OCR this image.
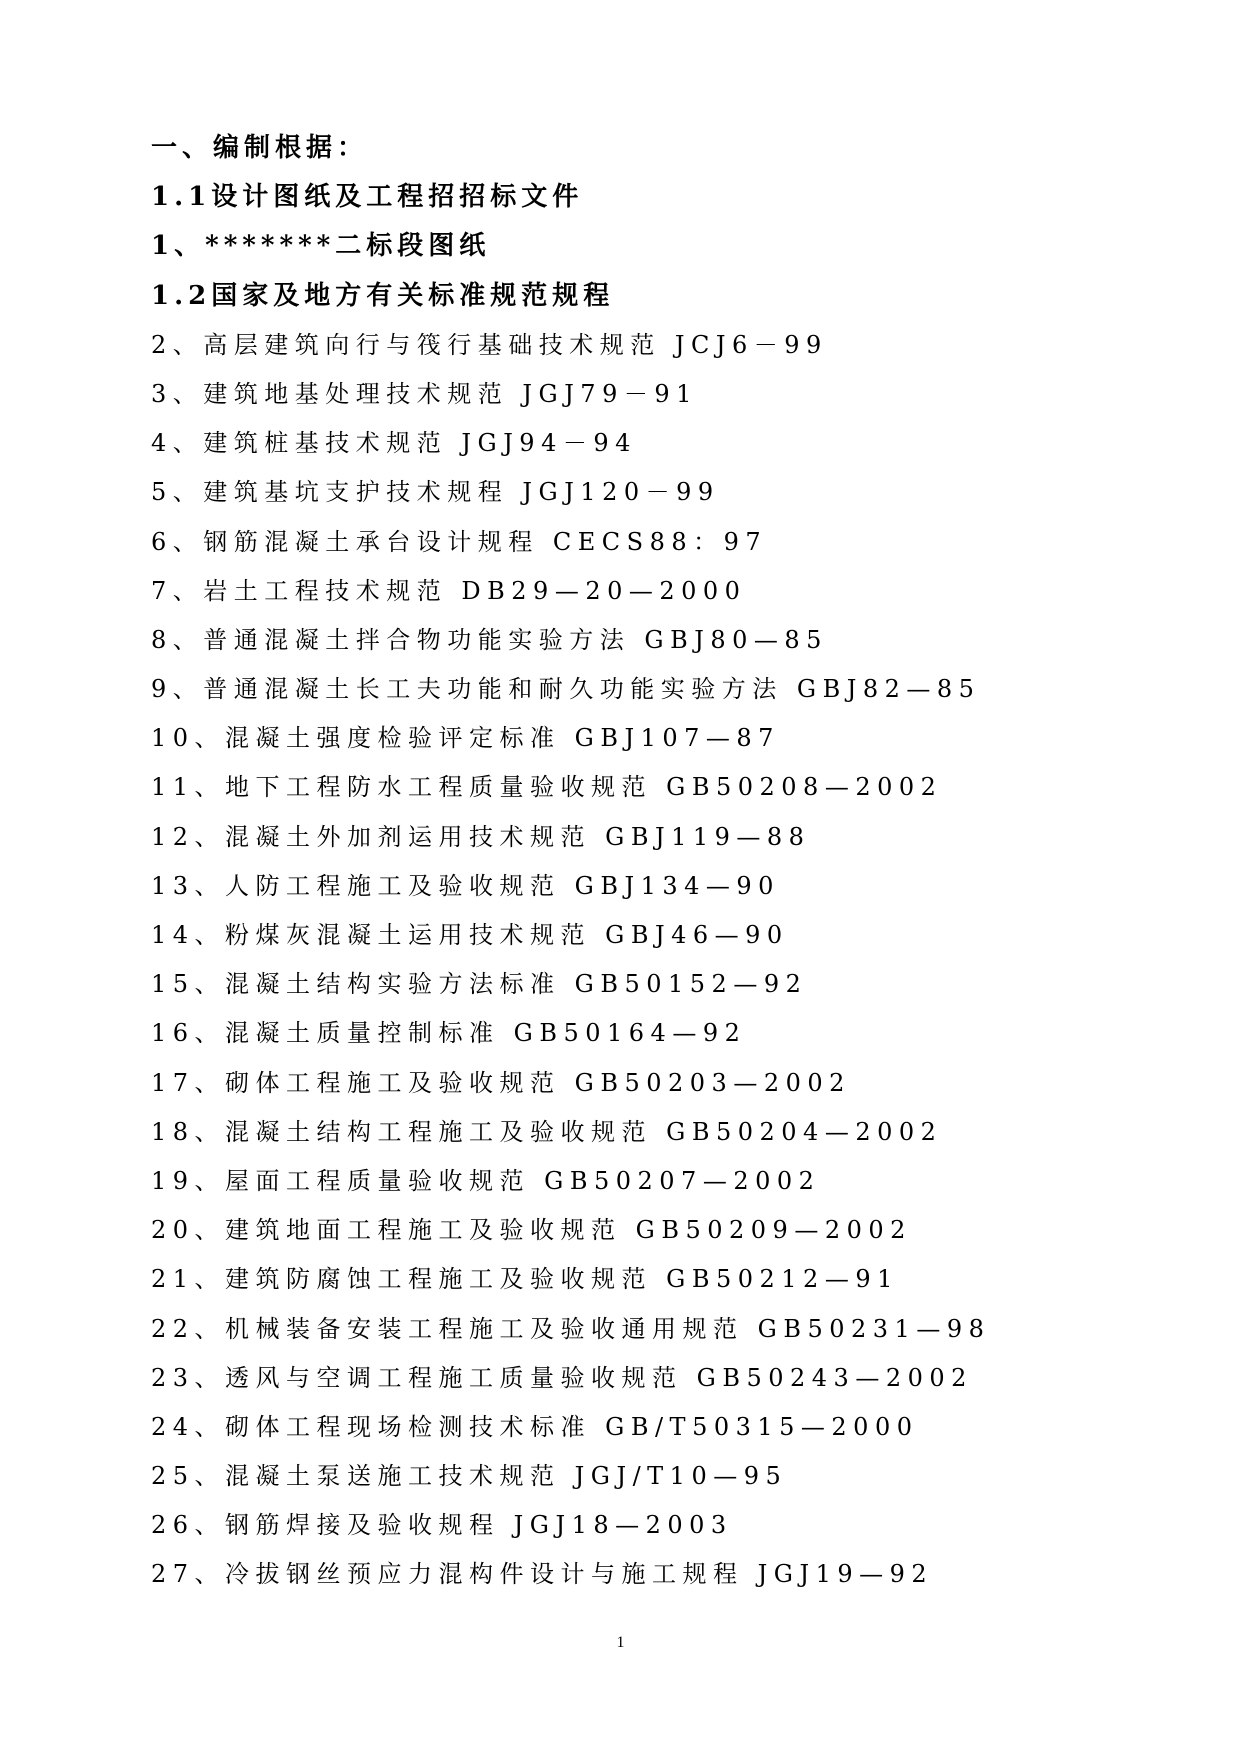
一、编制根据：
1.1设计图纸及工程招招标文件
1、*******二标段图纸
1.2国家及地方有关标准规范规程
2、高层建筑向行与筏行基础技术规范 JCJ6－99
3、建筑地基处理技术规范 JGJ79－91
4、建筑桩基技术规范 JGJ94－94
5、建筑基坑支护技术规程 JGJ120－99
6、钢筋混凝土承台设计规程 CECS88：97
7、岩土工程技术规范 DB29—20—2000
8、普通混凝土拌合物功能实验方法 GBJ80—85
9、普通混凝土长工夫功能和耐久功能实验方法 GBJ82—85
10、混凝土强度检验评定标准 GBJ107—87
11、地下工程防水工程质量验收规范 GB50208—2002
12、混凝土外加剂运用技术规范 GBJ119—88
13、人防工程施工及验收规范 GBJ134—90
14、粉煤灰混凝土运用技术规范 GBJ46—90
15、混凝土结构实验方法标准 GB50152—92
16、混凝土质量控制标准 GB50164—92
17、砌体工程施工及验收规范 GB50203—2002
18、混凝土结构工程施工及验收规范 GB50204—2002
19、屋面工程质量验收规范 GB50207—2002
20、建筑地面工程施工及验收规范 GB50209—2002
21、建筑防腐蚀工程施工及验收规范 GB50212—91
22、机械装备安装工程施工及验收通用规范 GB50231—98
23、透风与空调工程施工质量验收规范 GB50243—2002
24、砌体工程现场检测技术标准 GB/T50315—2000
25、混凝土泵送施工技术规范 JGJ/T10—95
26、钢筋焊接及验收规程 JGJ18—2003
27、冷拔钢丝预应力混构件设计与施工规程 JGJ19—92
1
